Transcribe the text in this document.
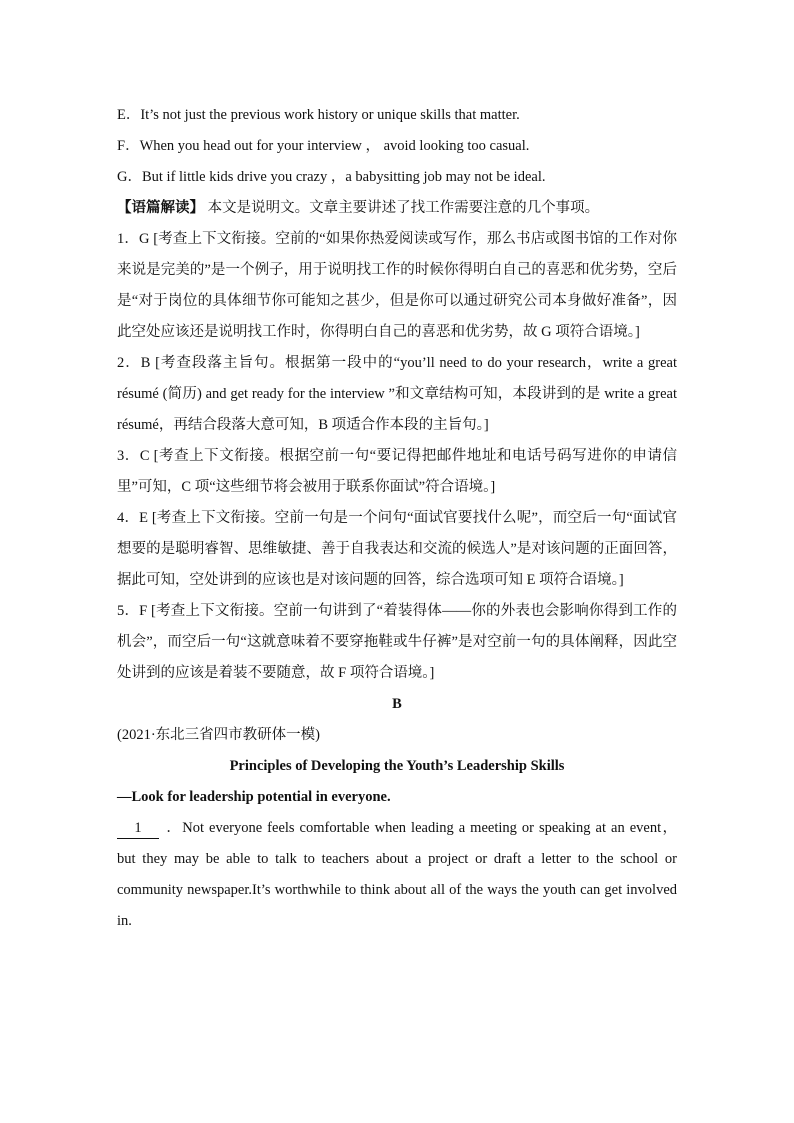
E．It’s not just the previous work history or unique skills that matter.

F．When you head out for your interview ， avoid looking too casual.

G．But if little kids drive you crazy ，a babysitting job may not be ideal.

【语篇解读】 本文是说明文。文章主要讲述了找工作需要注意的几个事项。

1．G [考查上下文衔接。空前的“如果你热爱阅读或写作，那么书店或图书馆的工作对你来说是完美的”是一个例子，用于说明找工作的时候你得明白自己的喜恶和优劣势，空后是“对于岗位的具体细节你可能知之甚少，但是你可以通过研究公司本身做好准备”，因此空处应该还是说明找工作时，你得明白自己的喜恶和优劣势，故 G 项符合语境。]

2．B [考查段落主旨句。根据第一段中的“you’ll need to do your research，write a great résumé (简历) and get ready for the interview ”和文章结构可知，本段讲到的是 write a great résumé，再结合段落大意可知，B 项适合作本段的主旨句。]

3．C [考查上下文衔接。根据空前一句“要记得把邮件地址和电话号码写进你的申请信里”可知，C 项“这些细节将会被用于联系你面试”符合语境。]

4．E [考查上下文衔接。空前一句是一个问句“面试官要找什么呢”，而空后一句“面试官想要的是聪明睿智、思维敏捷、善于自我表达和交流的候选人”是对该问题的正面回答，据此可知，空处讲到的应该也是对该问题的回答，综合选项可知 E 项符合语境。]

5．F [考查上下文衔接。空前一句讲到了“着装得体——你的外表也会影响你得到工作的机会”，而空后一句“这就意味着不要穿拖鞋或牛仔裤”是对空前一句的具体阐释，因此空处讲到的应该是着装不要随意，故 F 项符合语境。]

B

(2021·东北三省四市教研体一模)

Principles of Developing the Youth’s Leadership Skills

—Look for leadership potential in everyone.

1 ．Not everyone feels comfortable when leading a meeting or speaking at an event， but they may be able to talk to teachers about a project or draft a letter to the school or community newspaper.It’s worthwhile to think about all of the ways the youth can get involved in.
